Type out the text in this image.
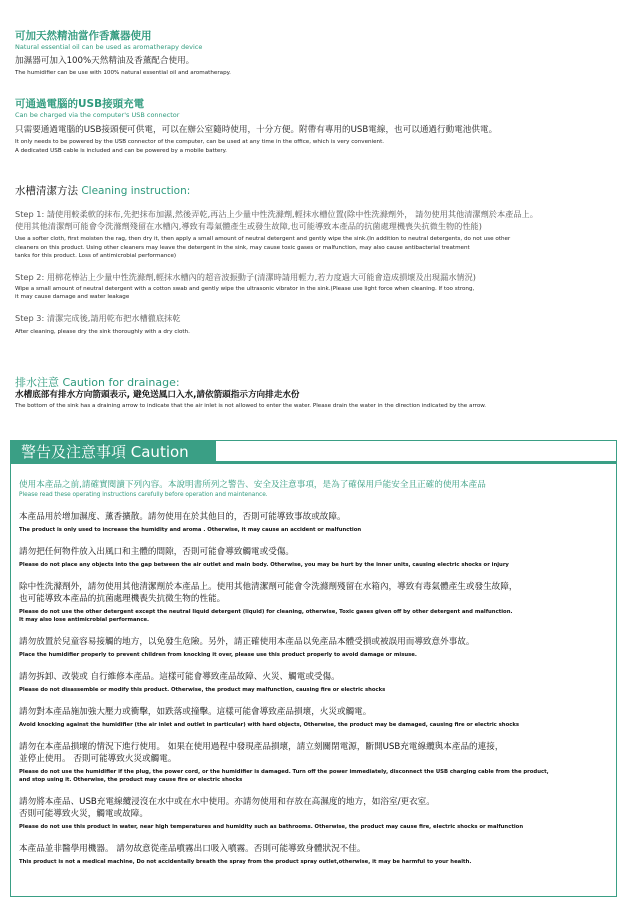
可加天然精油當作香薰器使用

Natural essential oil can be used as aromatherapy device

加濕器可加入100%天然精油及香薰配合使用。

The humidifier can be use with 100% natural essential oil and aromatherapy.

可通過電腦的USB接頭充電

Can be charged via the computer's USB connector

只需要通過電腦的USB接頭便可供電，可以在辦公室隨時使用，十分方便。附帶有專用的USB電線，也可以通過行動電池供電。

It only needs to be powered by the USB connector of the computer, can be used at any time in the office, which is very convenient.

A dedicated USB cable is included and can be powered by a mobile battery.

水槽清潔方法 Cleaning instruction:

Step 1: 請使用較柔軟的抹布,先把抹布加濕,然後弄乾,再沾上少量中性洗滌劑,輕抹水槽位置(除中性洗滌劑外， 請勿使用其他清潔劑於本產品上。

使用其他清潔劑可能會令洗滌劑殘留在水槽內,導致有毒氣體產生或發生故障,也可能導致本產品的抗菌處理機喪失抗微生物的性能)

Use a softer cloth, first moisten the rag, then dry it, then apply a small amount of neutral detergent and gently wipe the sink.(In addition to neutral detergents, do not use other

cleaners on this product. Using other cleaners may leave the detergent in the sink, may cause toxic gases or malfunction, may also cause antibacterial treatment

tanks for this product. Loss of antimicrobial performance)

Step 2: 用棉花棒沾上少量中性洗滌劑,輕抹水槽內的超音波振動子(清潔時請用輕力,若力度過大可能會造成損壞及出現漏水情況)

Wipe a small amount of neutral detergent with a cotton swab and gently wipe the ultrasonic vibrator in the sink.(Please use light force when cleaning. If too strong,

it may cause damage and water leakage

Step 3: 清潔完成後,請用乾布把水槽徹底抹乾

After cleaning, please dry the sink thoroughly with a dry cloth.

排水注意 Caution for drainage:

水槽底部有排水方向箭頭表示, 避免送風口入水,請依箭頭指示方向排走水份

The bottom of the sink has a draining arrow to indicate that the air inlet is not allowed to enter the water. Please drain the water in the direction indicated by the arrow.

警告及注意事項 Caution

使用本產品之前,請確實閱讀下列內容。本說明書所列之警告、安全及注意事項，是為了確保用戶能安全且正確的使用本產品

Please read these operating instructions carefully before operation and maintenance.

本產品用於增加濕度、薰香擴散。請勿使用在於其他目的，否則可能導致事故或故障。

The product is only used to increase the humidity and aroma . Otherwise, it may cause an accident or malfunction

請勿把任何物件放入出風口和主體的間隙，否則可能會導致觸電或受傷。

Please do not place any objects into the gap between the air outlet and main body. Otherwise, you may be hurt by the inner units, causing electric shocks or injury

除中性洗滌劑外，請勿使用其他清潔劑於本產品上。使用其他清潔劑可能會令洗滌劑殘留在水箱內，導致有毒氣體產生或發生故障，

也可能導致本產品的抗菌處理機喪失抗微生物的性能。

Please do not use the other detergent except the neutral liquid detergent (liquid) for cleaning, otherwise, Toxic gases given off by other detergent and malfunction.

It may also lose antimicrobial performance.

請勿放置於兒童容易接觸的地方，以免發生危險。另外，請正確使用本產品以免產品本體受損或被誤用而導致意外事故。

Place the humidifier properly to prevent children from knocking it over, please use this product properly to avoid damage or misuse.

請勿拆卸、改裝或 自行維修本產品。這樣可能會導致產品故障、火災、觸電或受傷。

Please do not disassemble or modify this product. Otherwise, the product may malfunction, causing fire or electric shocks

請勿對本產品施加強大壓力或衝擊，如跌落或撞擊。這樣可能會導致產品損壞，火災或觸電。

Avoid knocking against the humidifier (the air inlet and outlet in particular) with hard objects, Otherwise, the product may be damaged, causing fire or electric shocks

請勿在本產品損壞的情況下進行使用。 如果在使用過程中發現產品損壞，請立刻關閉電源，斷開USB充電線纜與本產品的連接，

並停止使用。 否則可能導致火災或觸電。

Please do not use the humidifier if the plug, the power cord, or the humidifier is damaged. Turn off the power immediately, disconnect the USB charging cable from the product,

and stop using it. Otherwise, the product may cause fire or electric shocks

請勿將本產品、USB充電線纜浸沒在水中或在水中使用。亦請勿使用和存放在高濕度的地方，如浴室/更衣室。

否則可能導致火災，觸電或故障。

Please do not use this product in water, near high temperatures and humidity such as bathrooms. Otherwise, the product may cause fire, electric shocks or malfunction

本產品並非醫學用機器。 請勿故意從產品噴霧出口吸入噴霧。否則可能導致身體狀況不佳。

This product is not a medical machine, Do not accidentally breath the spray from the product spray outlet,otherwise, it may be harmful to your health.
